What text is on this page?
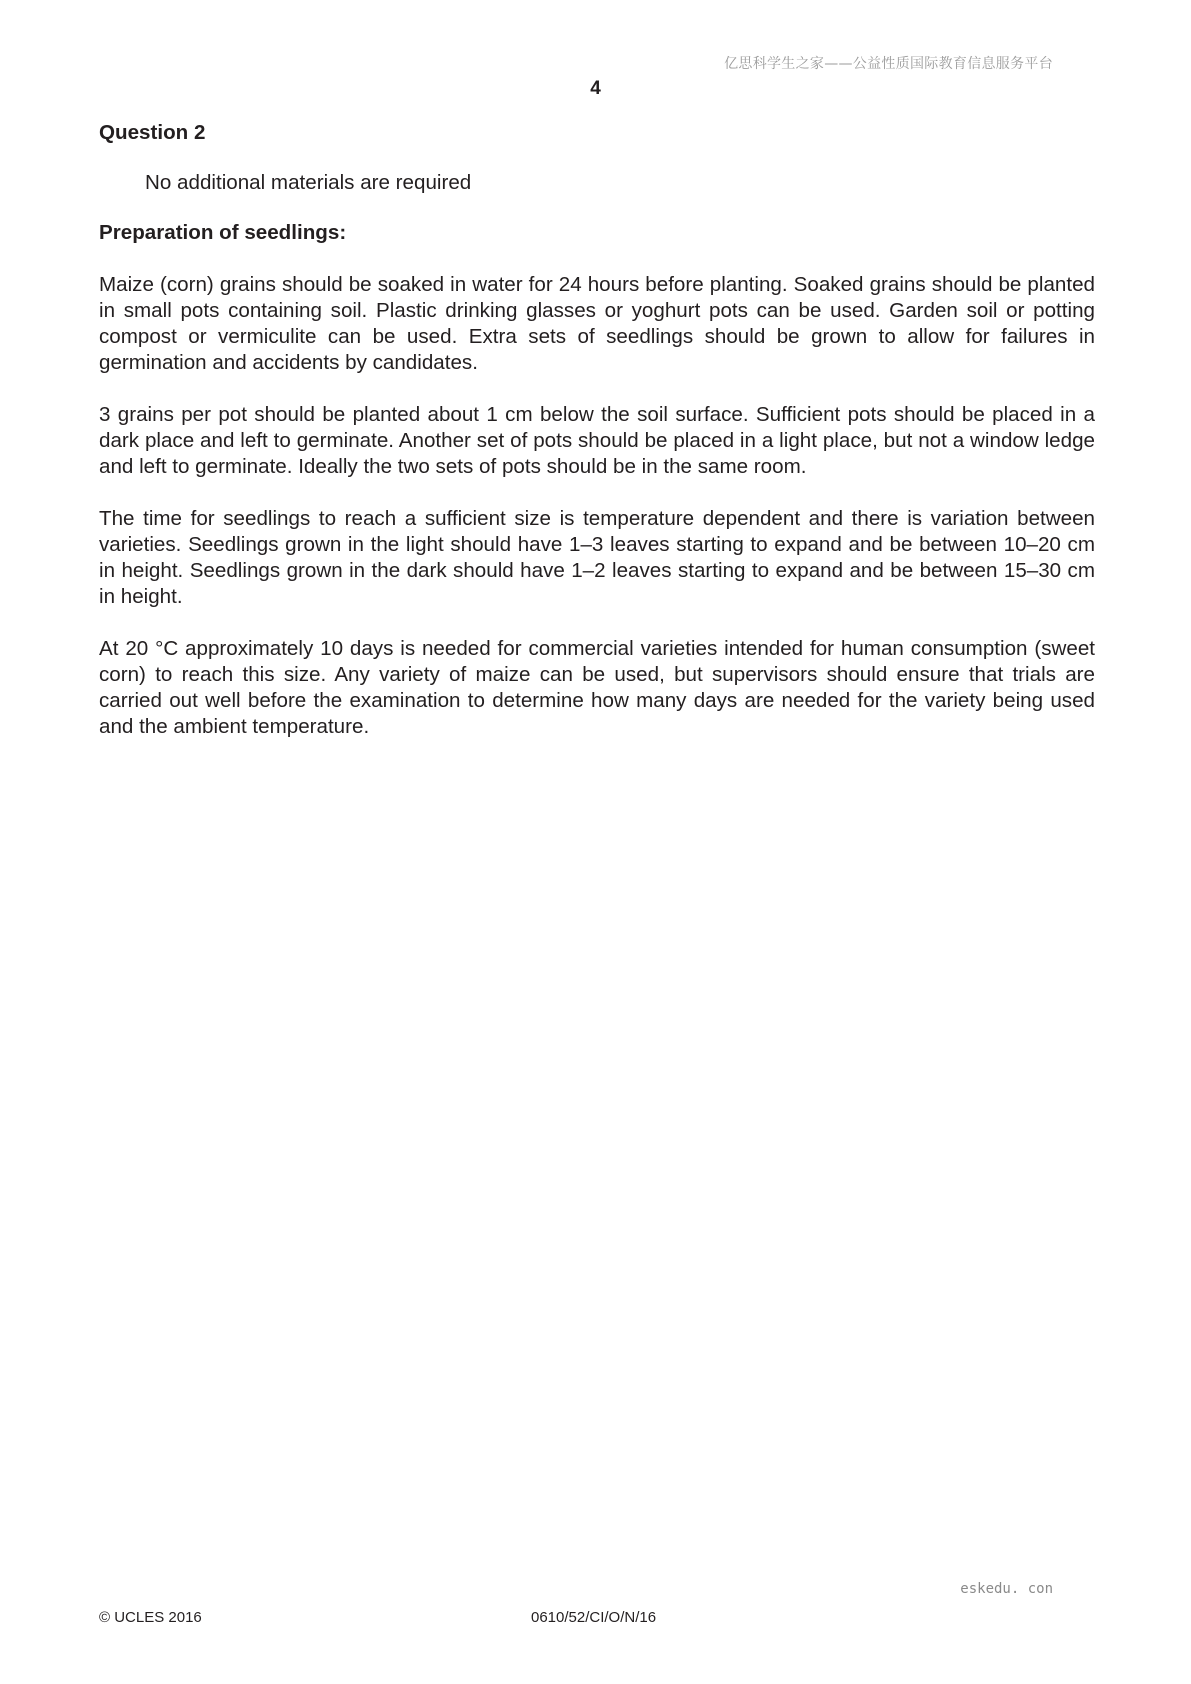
亿思科学生之家——公益性质国际教育信息服务平台
4

Question 2

No additional materials are required

Preparation of seedlings:

Maize (corn) grains should be soaked in water for 24 hours before planting. Soaked grains should be planted in small pots containing soil. Plastic drinking glasses or yoghurt pots can be used. Garden soil or potting compost or vermiculite can be used. Extra sets of seedlings should be grown to allow for failures in germination and accidents by candidates.

3 grains per pot should be planted about 1 cm below the soil surface. Sufficient pots should be placed in a dark place and left to germinate. Another set of pots should be placed in a light place, but not a window ledge and left to germinate. Ideally the two sets of pots should be in the same room.

The time for seedlings to reach a sufficient size is temperature dependent and there is variation between varieties. Seedlings grown in the light should have 1–3 leaves starting to expand and be between 10–20 cm in height. Seedlings grown in the dark should have 1–2 leaves starting to expand and be between 15–30 cm in height.

At 20 °C approximately 10 days is needed for commercial varieties intended for human consumption (sweet corn) to reach this size. Any variety of maize can be used, but supervisors should ensure that trials are carried out well before the examination to determine how many days are needed for the variety being used and the ambient temperature.

eskedu. con
© UCLES 2016	0610/52/CI/O/N/16
